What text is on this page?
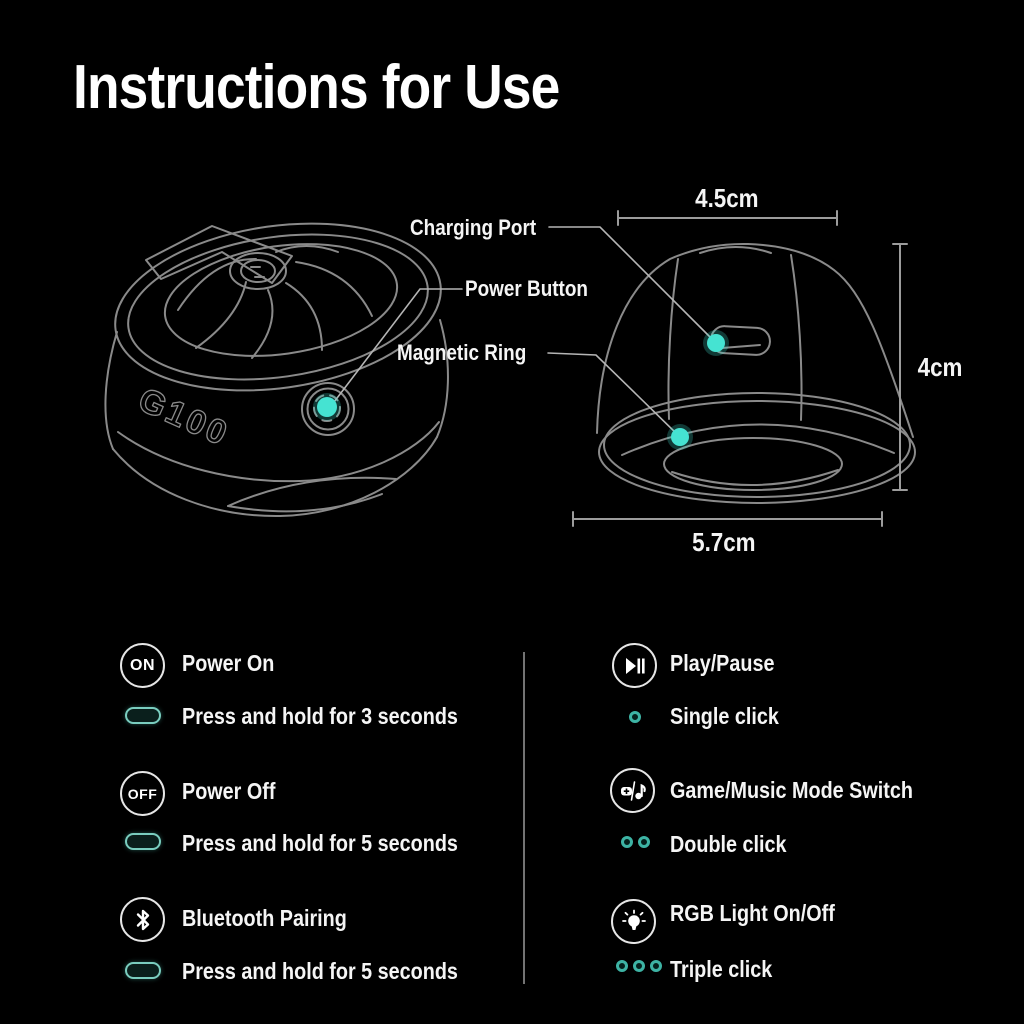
Instructions for Use
G100
Charging Port
Power Button
Magnetic Ring
4.5cm
4cm
5.7cm
ON Power On
Press and hold for 3 seconds
OFF Power Off
Press and hold for 5 seconds
Bluetooth Pairing
Press and hold for 5 seconds
Play/Pause
Single click
Game/Music Mode Switch
Double click
RGB Light On/Off
Triple click
